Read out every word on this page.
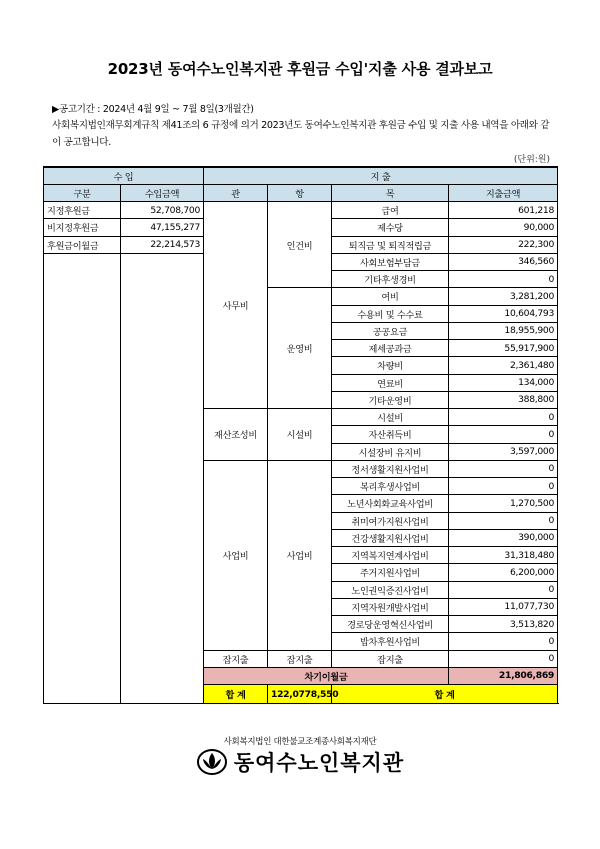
2023년 동여수노인복지관 후원금 수입'지출 사용 결과보고
▶공고기간 : 2024년 4월 9일 ~ 7월 8일(3개월간)
사회복지법인재무회계규칙 제41조의 6 규정에 의거 2023년도 동여수노인복지관 후원금 수입 및 지출 사용 내역을 아래와 같이 공고합니다.
(단위:원)
수 입		지 출				
구분	수입금액	관	항	목	지출금액	
지정후원금	52,708,700	사무비	인건비	급여	601,218	
비지정후원금	47,155,277			제수당	90,000	
후원금이월금	22,214,573			퇴직금 및 퇴직적립금	222,300	
				사회보험부담금	346,560	
				기타후생경비	0	
			운영비	여비	3,281,200	
				수용비 및 수수료	10,604,793	
				공공요금	18,955,900	
				제세공과금	55,917,900	
				차량비	2,361,480	
				연료비	134,000	
				기타운영비	388,800	
		재산조성비	시설비	시설비	0	
				자산취득비	0	
				시설장비 유지비	3,597,000	
		사업비	사업비	정서생활지원사업비	0	
				복리후생사업비	0	
				노년사회화교육사업비	1,270,500	
				취미여가지원사업비	0	
				건강생활지원사업비	390,000	
				지역복지연계사업비	31,318,480	
				주거지원사업비	6,200,000	
				노인권익증진사업비	0	
				지역자원개발사업비	11,077,730	
				경로당운영혁신사업비	3,513,820	
				밥차후원사업비	0	
		잡지출	잡지출	잡지출	0	
		차기이월금			21,806,869	
		합 계	122,0778,550	합 계	
사회복지법인 대한불교조계종사회복지재단
동여수노인복지관
